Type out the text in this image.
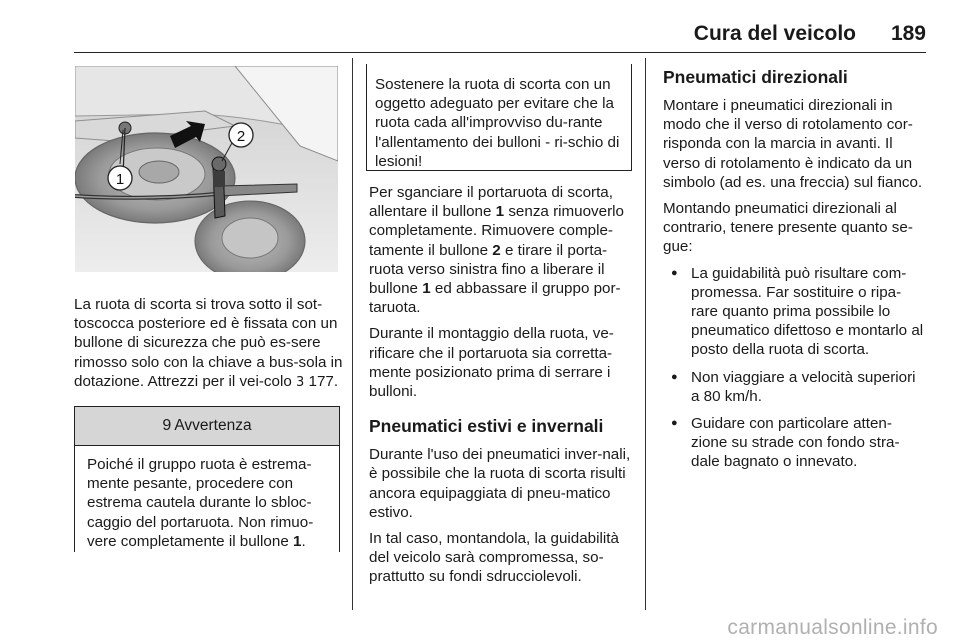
Cura del veicolo 189
1
2

La ruota di scorta si trova sotto il sot-toscocca posteriore ed è fissata con un bullone di sicurezza che può es-sere rimosso solo con la chiave a bus-sola in dotazione. Attrezzi per il vei-colo 3 177.

9 Avvertenza
Poiché il gruppo ruota è estrema-mente pesante, procedere con estrema cautela durante lo sbloc-caggio del portaruota. Non rimuo-vere completamente il bullone 1.
Sostenere la ruota di scorta con un oggetto adeguato per evitare che la ruota cada all'improvviso du-rante l'allentamento dei bulloni - ri-schio di lesioni!

Per sganciare il portaruota di scorta, allentare il bullone 1 senza rimuoverlo completamente. Rimuovere comple-tamente il bullone 2 e tirare il porta-ruota verso sinistra fino a liberare il bullone 1 ed abbassare il gruppo por-taruota.

Durante il montaggio della ruota, ve-rificare che il portaruota sia corretta-mente posizionato prima di serrare i bulloni.

Pneumatici estivi e invernali

Durante l'uso dei pneumatici inver-nali, è possibile che la ruota di scorta risulti ancora equipaggiata di pneu-matico estivo.

In tal caso, montandola, la guidabilità del veicolo sarà compromessa, so-prattutto su fondi sdrucciolevoli.

Pneumatici direzionali

Montare i pneumatici direzionali in modo che il verso di rotolamento cor-risponda con la marcia in avanti. Il verso di rotolamento è indicato da un simbolo (ad es. una freccia) sul fianco.

Montando pneumatici direzionali al contrario, tenere presente quanto se-gue:

● La guidabilità può risultare com-promessa. Far sostituire o ripa-rare quanto prima possibile lo pneumatico difettoso e montarlo al posto della ruota di scorta.
● Non viaggiare a velocità superiori a 80 km/h.
● Guidare con particolare atten-zione su strade con fondo stra-dale bagnato o innevato.
carmanualsonline.info
